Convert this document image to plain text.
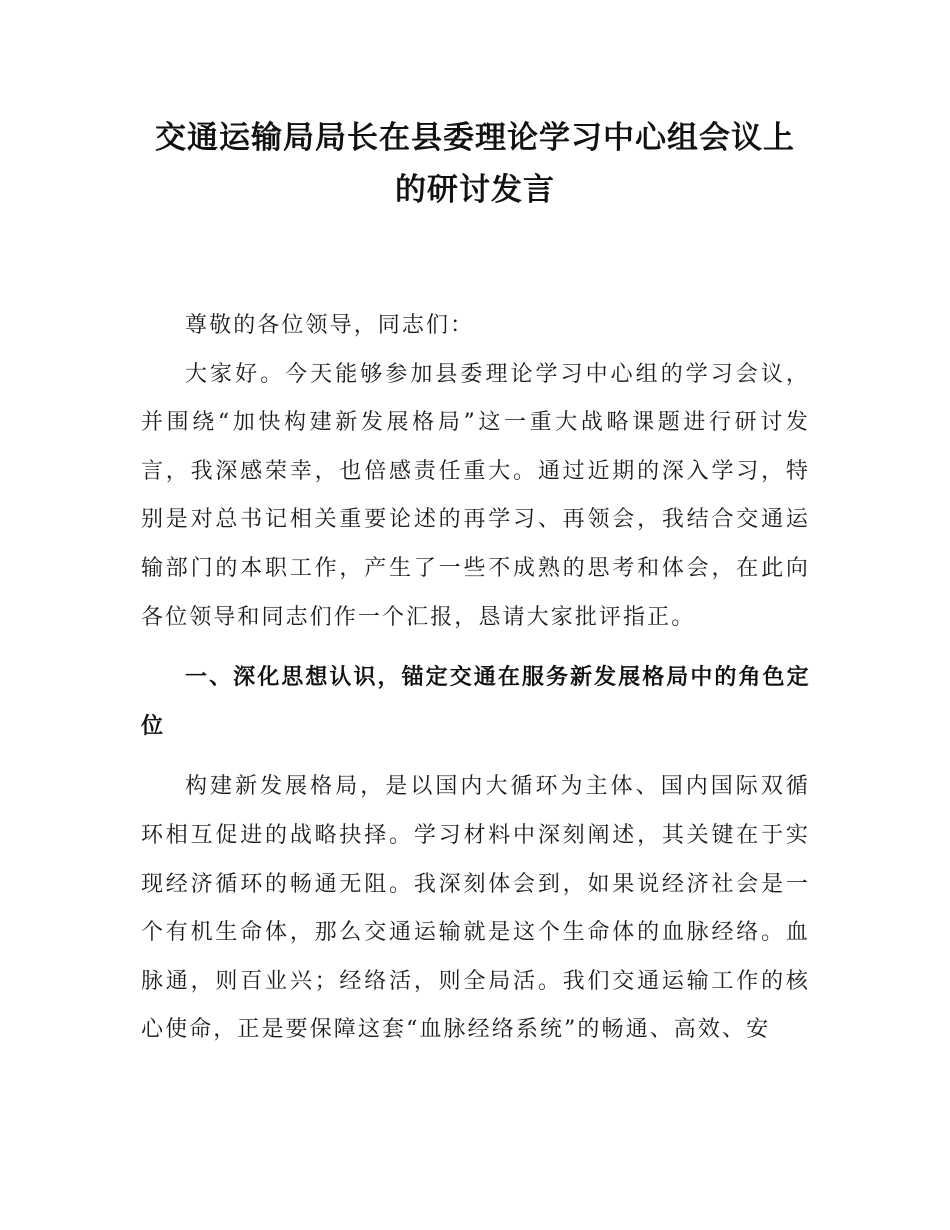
交通运输局局长在县委理论学习中心组会议上的研讨发言

尊敬的各位领导，同志们：

大家好。今天能够参加县委理论学习中心组的学习会议，并围绕“加快构建新发展格局”这一重大战略课题进行研讨发言，我深感荣幸，也倍感责任重大。通过近期的深入学习，特别是对总书记相关重要论述的再学习、再领会，我结合交通运输部门的本职工作，产生了一些不成熟的思考和体会，在此向各位领导和同志们作一个汇报，恳请大家批评指正。

一、深化思想认识，锚定交通在服务新发展格局中的角色定位

构建新发展格局，是以国内大循环为主体、国内国际双循环相互促进的战略抉择。学习材料中深刻阐述，其关键在于实现经济循环的畅通无阻。我深刻体会到，如果说经济社会是一个有机生命体，那么交通运输就是这个生命体的血脉经络。血脉通，则百业兴；经络活，则全局活。我们交通运输工作的核心使命，正是要保障这套“血脉经络系统”的畅通、高效、安
